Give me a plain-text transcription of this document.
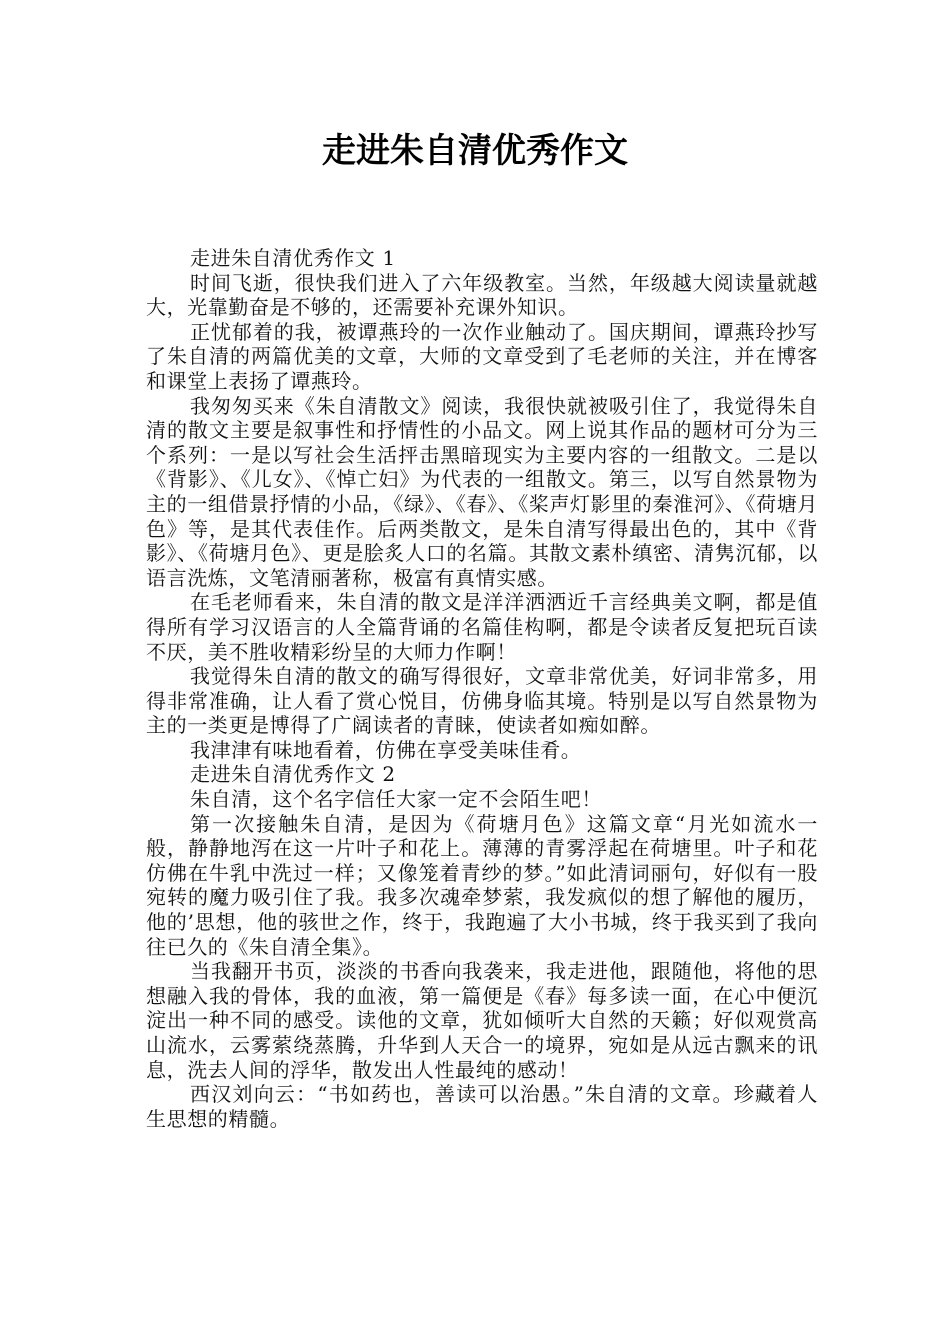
走进朱自清优秀作文

走进朱自清优秀作文 1

时间飞逝，很快我们进入了六年级教室。当然，年级越大阅读量就越大，光靠勤奋是不够的，还需要补充课外知识。

正忧郁着的我，被谭燕玲的一次作业触动了。国庆期间，谭燕玲抄写了朱自清的两篇优美的文章，大师的文章受到了毛老师的关注，并在博客和课堂上表扬了谭燕玲。

我匆匆买来《朱自清散文》阅读，我很快就被吸引住了，我觉得朱自清的散文主要是叙事性和抒情性的小品文。网上说其作品的题材可分为三个系列：一是以写社会生活抨击黑暗现实为主要内容的一组散文。二是以《背影》、《儿女》、《悼亡妇》为代表的一组散文。第三，以写自然景物为主的一组借景抒情的小品，《绿》、《春》、《桨声灯影里的秦淮河》、《荷塘月色》等，是其代表佳作。后两类散文，是朱自清写得最出色的，其中《背影》、《荷塘月色》、更是脍炙人口的名篇。其散文素朴缜密、清隽沉郁，以语言洗炼，文笔清丽著称，极富有真情实感。

在毛老师看来，朱自清的散文是洋洋洒洒近千言经典美文啊，都是值得所有学习汉语言的人全篇背诵的名篇佳构啊，都是令读者反复把玩百读不厌，美不胜收精彩纷呈的大师力作啊！

我觉得朱自清的散文的确写得很好，文章非常优美，好词非常多，用得非常准确，让人看了赏心悦目，仿佛身临其境。特别是以写自然景物为主的一类更是博得了广阔读者的青睐，使读者如痴如醉。

我津津有味地看着，仿佛在享受美味佳肴。

走进朱自清优秀作文 2

朱自清，这个名字信任大家一定不会陌生吧！

第一次接触朱自清，是因为《荷塘月色》这篇文章“月光如流水一般，静静地泻在这一片叶子和花上。薄薄的青雾浮起在荷塘里。叶子和花仿佛在牛乳中洗过一样；又像笼着青纱的梦。”如此清词丽句，好似有一股宛转的魔力吸引住了我。我多次魂牵梦萦，我发疯似的想了解他的履历，他的’思想，他的骇世之作，终于，我跑遍了大小书城，终于我买到了我向往已久的《朱自清全集》。

当我翻开书页，淡淡的书香向我袭来，我走进他，跟随他，将他的思想融入我的骨体，我的血液，第一篇便是《春》每多读一面，在心中便沉淀出一种不同的感受。读他的文章，犹如倾听大自然的天籁；好似观赏高山流水，云雾萦绕蒸腾，升华到人天合一的境界，宛如是从远古飘来的讯息，洗去人间的浮华，散发出人性最纯的感动！

西汉刘向云：“书如药也，善读可以治愚。”朱自清的文章。珍藏着人生思想的精髓。
